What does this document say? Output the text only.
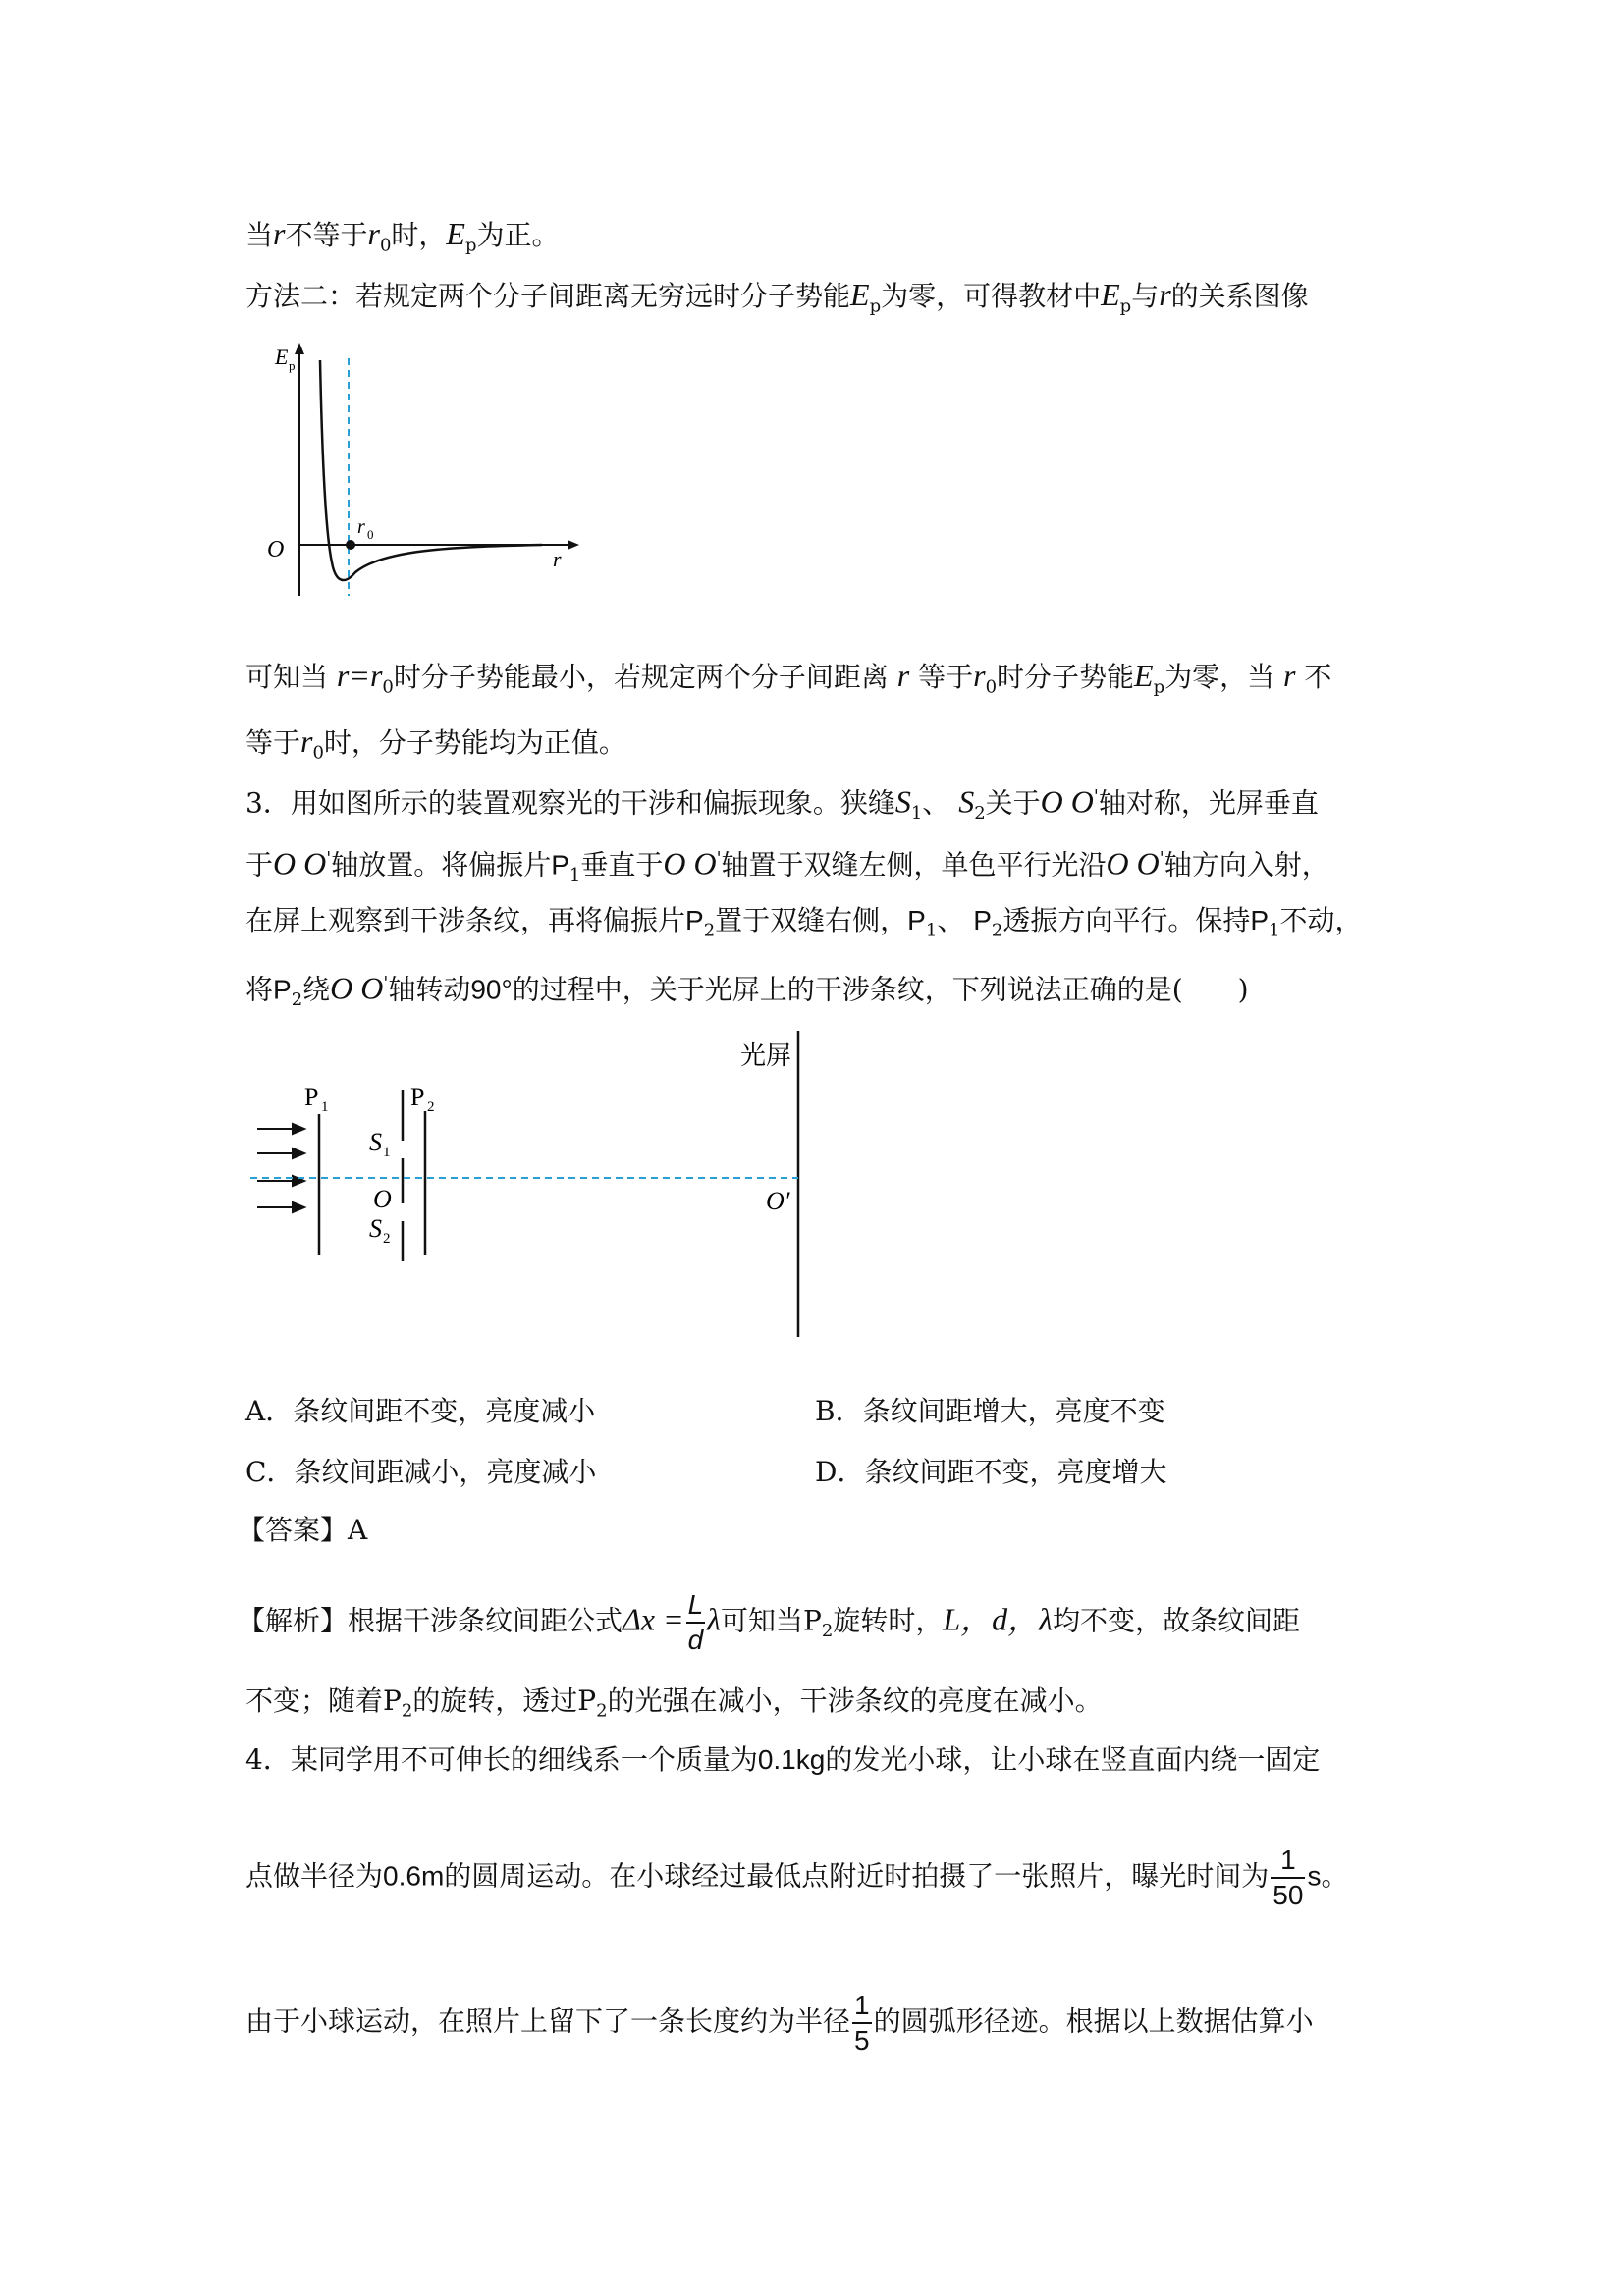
当r不等于$r_0$时，$E_p$为正。
方法二：若规定两个分子间距离无穷远时分子势能$E_p$为零，可得教材中$E_p$与r的关系图像
E p
O	r
r 0
可知当 $r=r_0$时分子势能最小，若规定两个分子间距离 r 等于$r_0$时分子势能$E_p$为零，当 r 不
等于$r_0$时，分子势能均为正值。
3．用如图所示的装置观察光的干涉和偏振现象。狭缝$S_1$、 $S_2$关于O O'轴对称，光屏垂直
于O O'轴放置。将偏振片$P_1$垂直于O O'轴置于双缝左侧，单色平行光沿O O'轴方向入射，
在屏上观察到干涉条纹，再将偏振片$P_2$置于双缝右侧，$P_1$、 $P_2$透振方向平行。保持$P_1$不动，
将$P_2$绕O O'轴转动90°的过程中，关于光屏上的干涉条纹，下列说法正确的是(　　)
光屏
P 1	P 2
S 1
O
S 2
O′
A．条纹间距不变，亮度减小	B．条纹间距增大，亮度不变
C．条纹间距减小，亮度减小	D．条纹间距不变，亮度增大
【答案】A
【解析】根据干涉条纹间距公式$\Delta x = \frac{L}{d}$ λ可知当$P_2$旋转时，L，d，λ均不变，故条纹间距
不变；随着$P_2$的旋转，透过$P_2$的光强在减小，干涉条纹的亮度在减小。
4．某同学用不可伸长的细线系一个质量为0.1kg的发光小球，让小球在竖直面内绕一固定
点做半径为0.6m的圆周运动。在小球经过最低点附近时拍摄了一张照片，曝光时间为 $\frac{1}{50}$ s。
由于小球运动，在照片上留下了一条长度约为半径 $\frac{1}{5}$ 的圆弧形径迹。根据以上数据估算小
